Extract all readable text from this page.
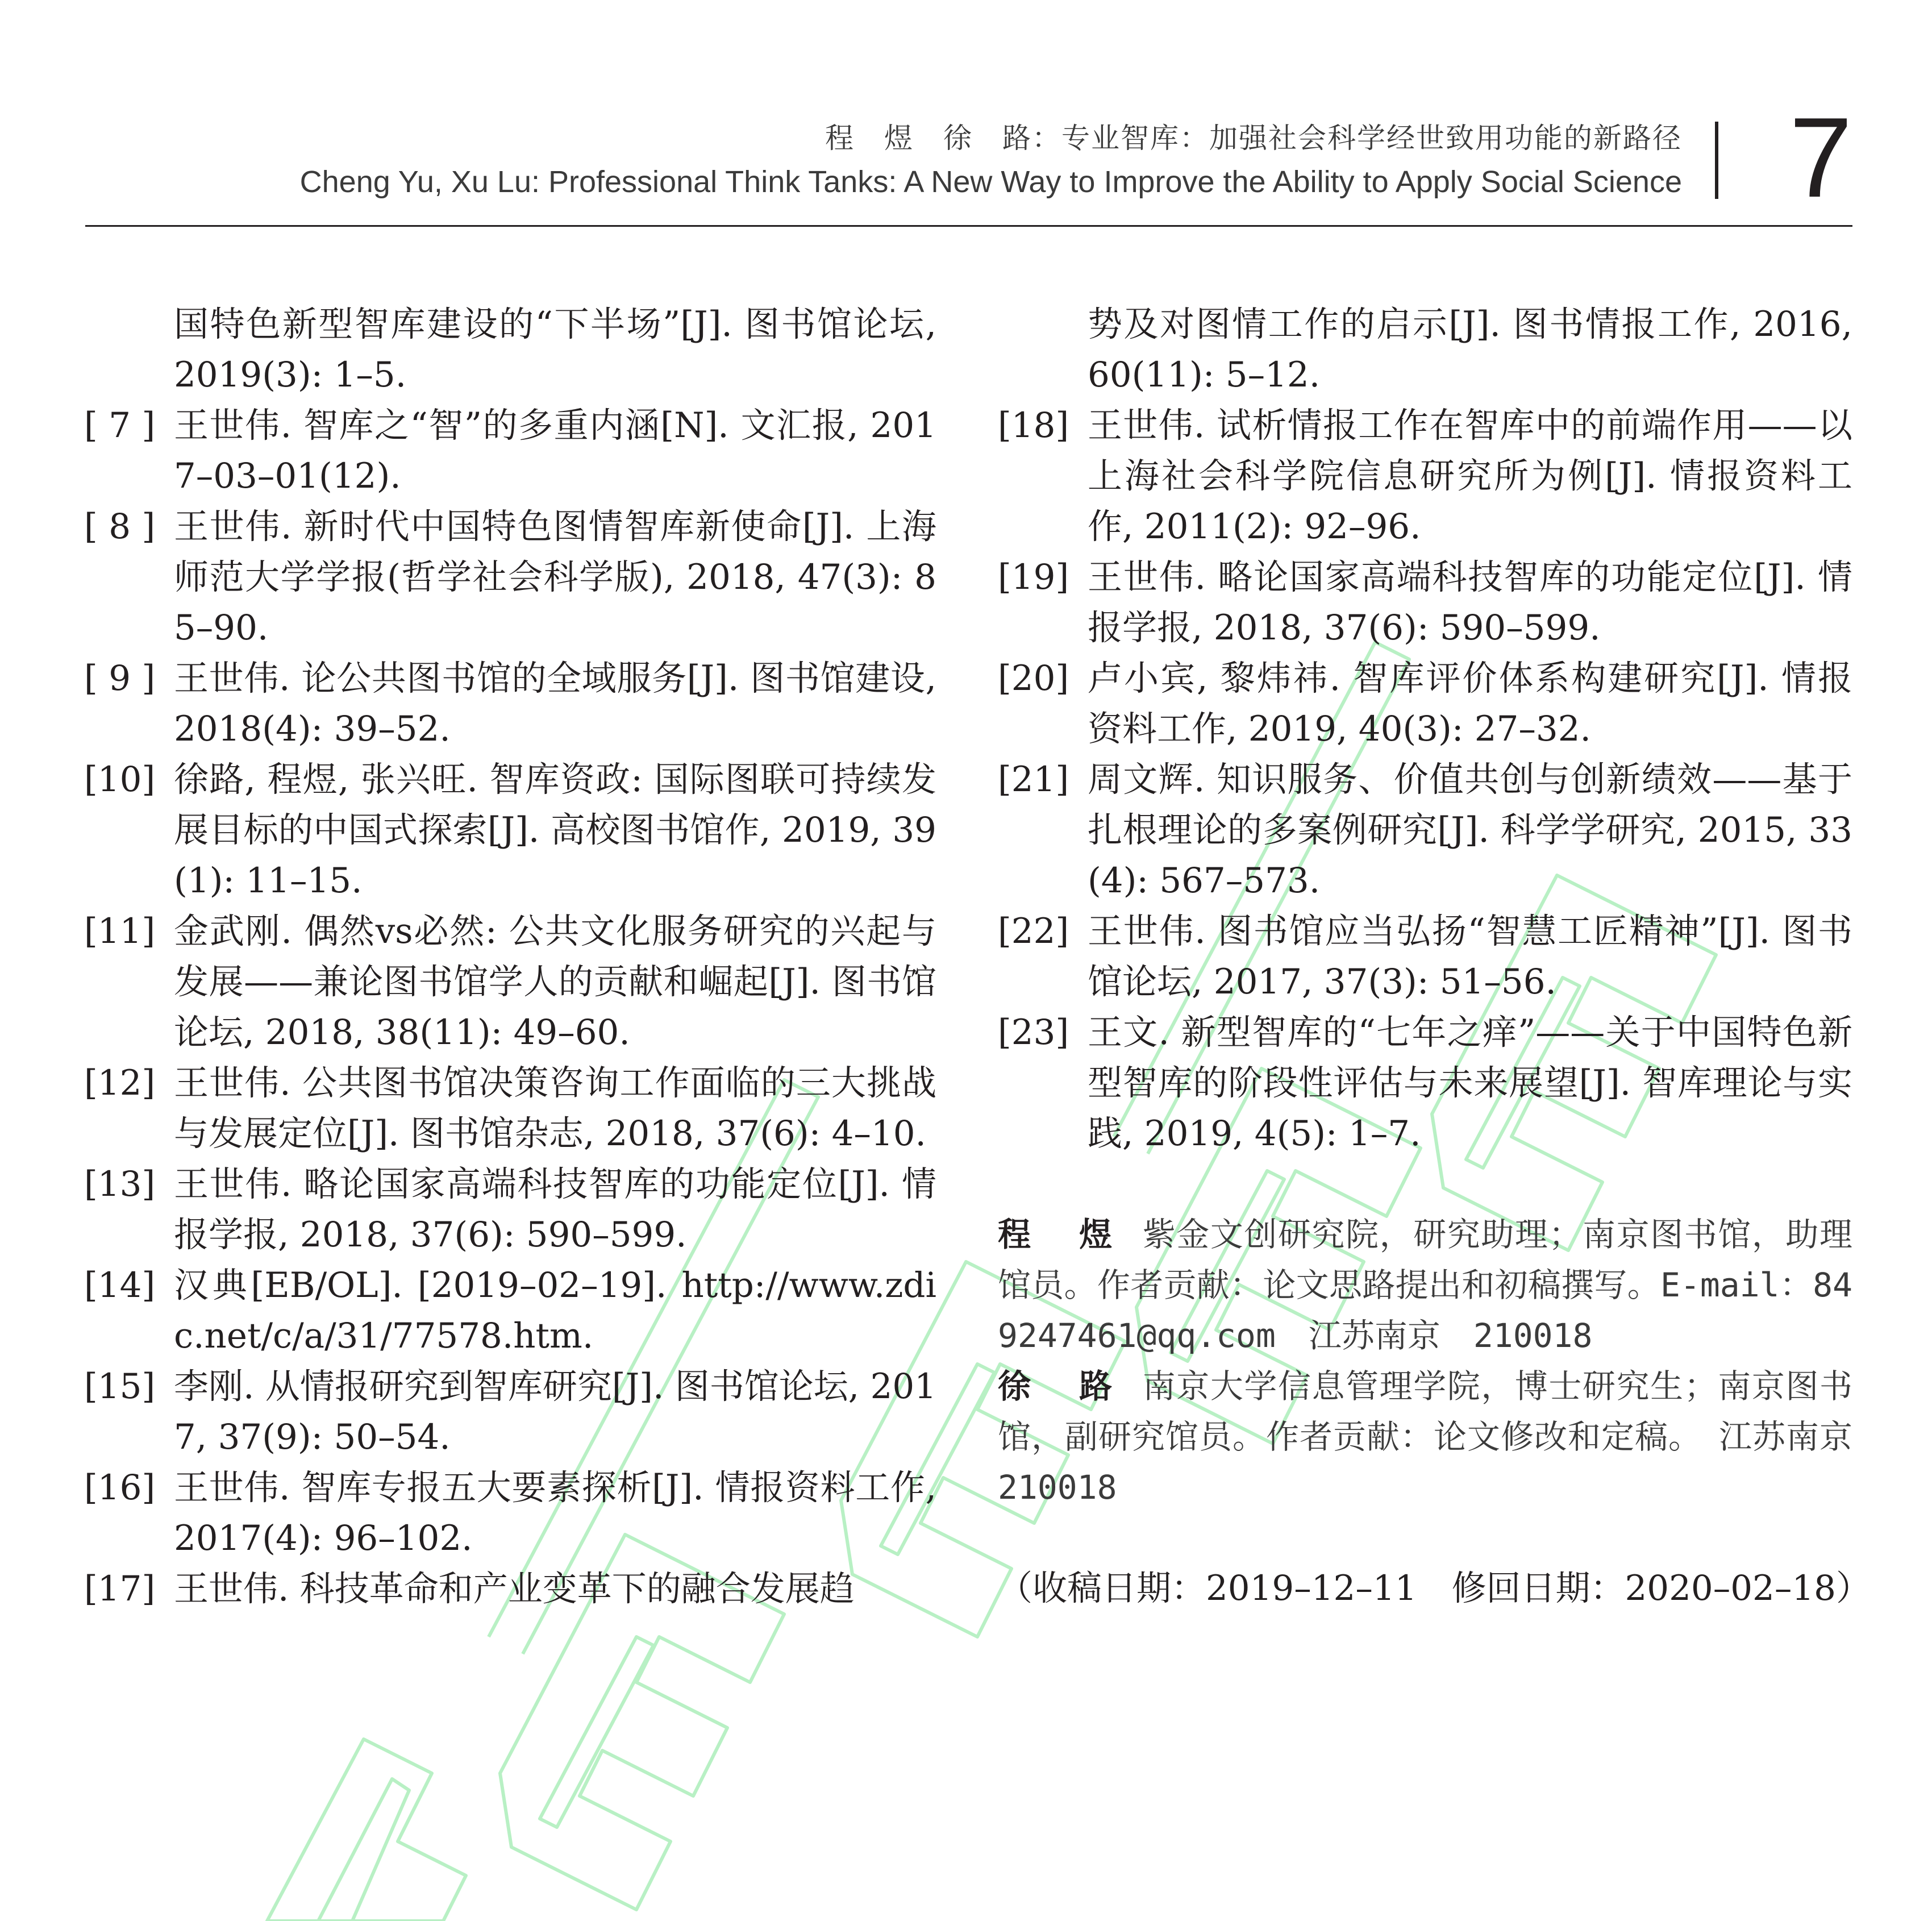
程　煜　徐　路：专业智库：加强社会科学经世致用功能的新路径
Cheng Yu, Xu Lu: Professional Think Tanks: A New Way to Improve the Ability to Apply Social Science 7
国特色新型智库建设的“下半场”[J]. 图书馆论坛, 2019(3): 1–5.
[ 7 ] 王世伟. 智库之“智”的多重内涵[N]. 文汇报, 2017–03–01(12).
[ 8 ] 王世伟. 新时代中国特色图情智库新使命[J]. 上海师范大学学报(哲学社会科学版), 2018, 47(3): 85–90.
[ 9 ] 王世伟. 论公共图书馆的全域服务[J]. 图书馆建设, 2018(4): 39–52.
[10] 徐路, 程煜, 张兴旺. 智库资政: 国际图联可持续发展目标的中国式探索[J]. 高校图书馆作, 2019, 39(1): 11–15.
[11] 金武刚. 偶然vs必然: 公共文化服务研究的兴起与发展——兼论图书馆学人的贡献和崛起[J]. 图书馆论坛, 2018, 38(11): 49–60.
[12] 王世伟. 公共图书馆决策咨询工作面临的三大挑战与发展定位[J]. 图书馆杂志, 2018, 37(6): 4–10.
[13] 王世伟. 略论国家高端科技智库的功能定位[J]. 情报学报, 2018, 37(6): 590–599.
[14] 汉典[EB/OL]. [2019–02–19]. http://www.zdic.net/c/a/31/77578.htm.
[15] 李刚. 从情报研究到智库研究[J]. 图书馆论坛, 2017, 37(9): 50–54.
[16] 王世伟. 智库专报五大要素探析[J]. 情报资料工作, 2017(4): 96–102.
[17] 王世伟. 科技革命和产业变革下的融合发展趋
势及对图情工作的启示[J]. 图书情报工作, 2016, 60(11): 5–12.
[18] 王世伟. 试析情报工作在智库中的前端作用——以上海社会科学院信息研究所为例[J]. 情报资料工作, 2011(2): 92–96.
[19] 王世伟. 略论国家高端科技智库的功能定位[J]. 情报学报, 2018, 37(6): 590–599.
[20] 卢小宾, 黎炜祎. 智库评价体系构建研究[J]. 情报资料工作, 2019, 40(3): 27–32.
[21] 周文辉. 知识服务、价值共创与创新绩效——基于扎根理论的多案例研究[J]. 科学学研究, 2015, 33(4): 567–573.
[22] 王世伟. 图书馆应当弘扬“智慧工匠精神”[J]. 图书馆论坛, 2017, 37(3): 51–56.
[23] 王文. 新型智库的“七年之痒”——关于中国特色新型智库的阶段性评估与未来展望[J]. 智库理论与实践, 2019, 4(5): 1–7.
程　煜 紫金文创研究院，研究助理；南京图书馆，助理馆员。作者贡献：论文思路提出和初稿撰写。E-mail：849247461@qq.com　江苏南京　210018
徐　路 南京大学信息管理学院，博士研究生；南京图书馆，副研究馆员。作者贡献：论文修改和定稿。　江苏南京　210018
（收稿日期：2019–12–11　修回日期：2020–02–18）
